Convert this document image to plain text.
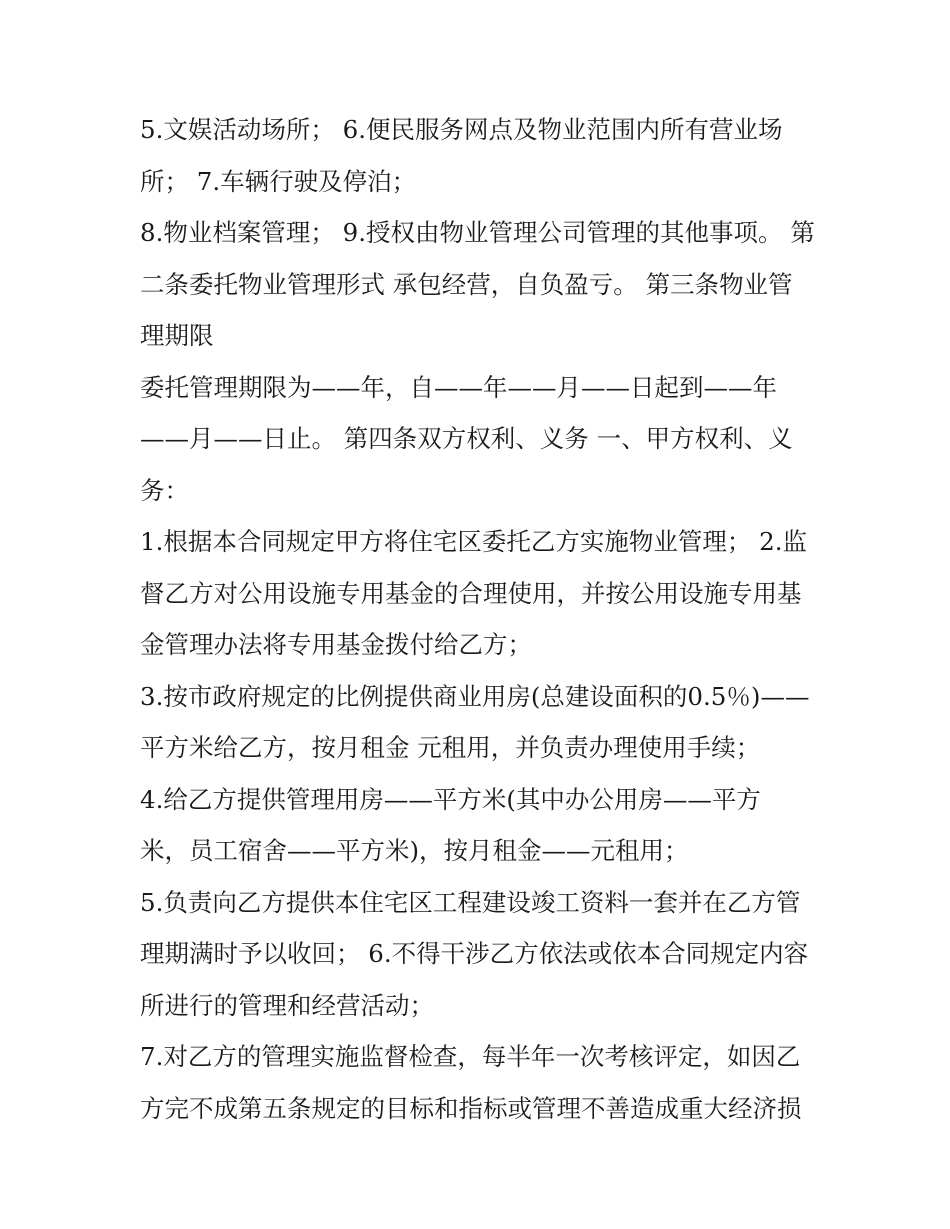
5.文娱活动场所； 6.便民服务网点及物业范围内所有营业场
所； 7.车辆行驶及停泊；
8.物业档案管理； 9.授权由物业管理公司管理的其他事项。 第
二条委托物业管理形式 承包经营，自负盈亏。 第三条物业管
理期限
委托管理期限为——年，自——年——月——日起到——年
——月——日止。 第四条双方权利、义务 一、甲方权利、义
务：
1.根据本合同规定甲方将住宅区委托乙方实施物业管理； 2.监
督乙方对公用设施专用基金的合理使用，并按公用设施专用基
金管理办法将专用基金拨付给乙方；
3.按市政府规定的比例提供商业用房(总建设面积的0.5％)——
平方米给乙方，按月租金 元租用，并负责办理使用手续；
4.给乙方提供管理用房——平方米(其中办公用房——平方
米，员工宿舍——平方米)，按月租金——元租用；
5.负责向乙方提供本住宅区工程建设竣工资料一套并在乙方管
理期满时予以收回； 6.不得干涉乙方依法或依本合同规定内容
所进行的管理和经营活动；
7.对乙方的管理实施监督检查，每半年一次考核评定，如因乙
方完不成第五条规定的目标和指标或管理不善造成重大经济损
